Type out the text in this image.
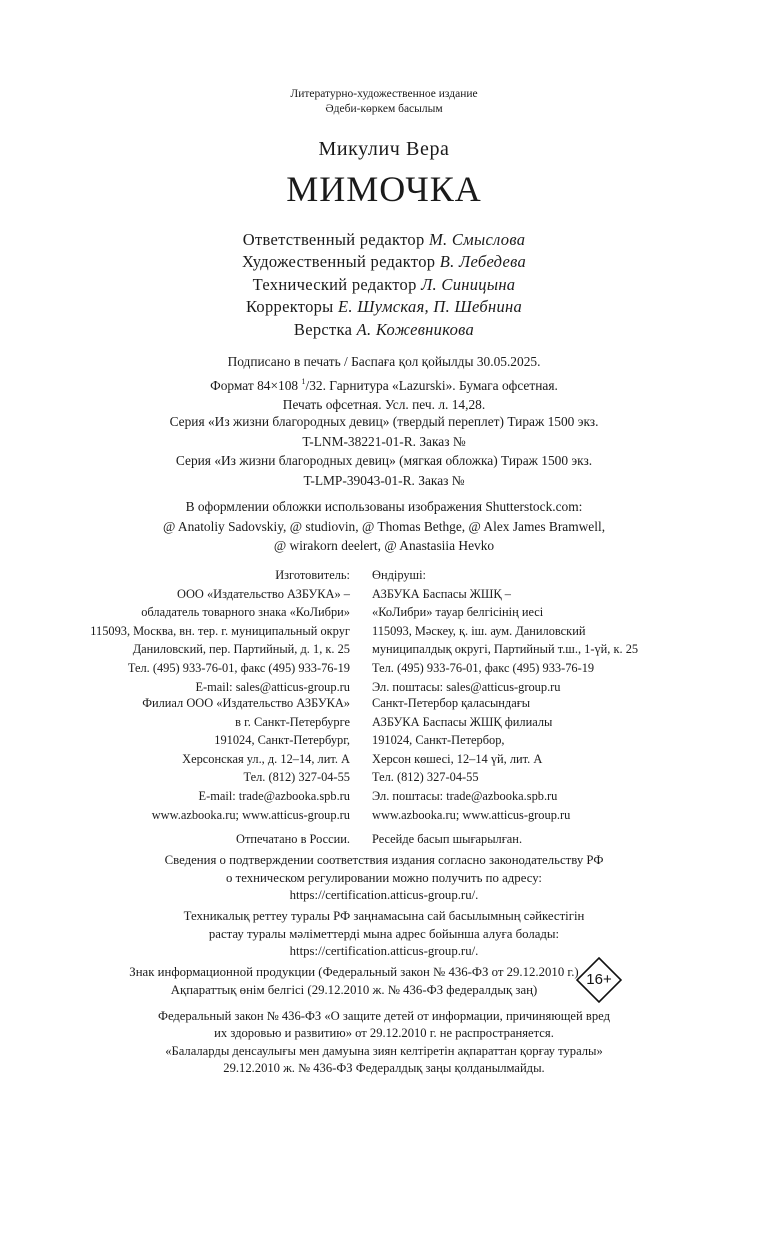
Литературно-художественное издание
Әдеби-көркем басылым
Микулич Вера
МИМОЧКА
Ответственный редактор М. Смыслова
Художественный редактор В. Лебедева
Технический редактор Л. Синицына
Корректоры Е. Шумская, П. Шебнина
Верстка А. Кожевникова
Подписано в печать / Баспаға қол қойылды 30.05.2025.
Формат 84×108 $^1$/32. Гарнитура «Lazurski». Бумага офсетная.
Печать офсетная. Усл. печ. л. 14,28.
Серия «Из жизни благородных девиц» (твердый переплет) Тираж 1500 экз.
T-LNM-38221-01-R. Заказ №
Серия «Из жизни благородных девиц» (мягкая обложка) Тираж 1500 экз.
T-LMP-39043-01-R. Заказ №
В оформлении обложки использованы изображения Shutterstock.com:
@ Anatoliy Sadovskiy, @ studiovin, @ Thomas Bethge, @ Alex James Bramwell,
@ wirakorn deelert, @ Anastasiia Hevko
Изготовитель:
ООО «Издательство АЗБУКА» –
обладатель товарного знака «КоЛибри»
115093, Москва, вн. тер. г. муниципальный округ
Даниловский, пер. Партийный, д. 1, к. 25
Тел. (495) 933-76-01, факс (495) 933-76-19
E-mail: sales@atticus-group.ru
Өндіруші:
АЗБУКА Баспасы ЖШҚ –
«КоЛибри» тауар белгісінің иесі
115093, Мәскеу, қ. іш. аум. Даниловский
муниципалдық округі, Партийный т.ш., 1-үй, к. 25
Тел. (495) 933-76-01, факс (495) 933-76-19
Эл. поштасы: sales@atticus-group.ru
Филиал ООО «Издательство АЗБУКА»
в г. Санкт-Петербурге
191024, Санкт-Петербург,
Херсонская ул., д. 12–14, лит. А
Тел. (812) 327-04-55
E-mail: trade@azbooka.spb.ru
Санкт-Петербор қаласындағы
АЗБУКА Баспасы ЖШҚ филиалы
191024, Санкт-Петербор,
Херсон көшесі, 12–14 үй, лит. А
Тел. (812) 327-04-55
Эл. поштасы: trade@azbooka.spb.ru
www.azbooka.ru; www.atticus-group.ru www.azbooka.ru; www.atticus-group.ru
Отпечатано в России. Ресейде басып шығарылған.
Сведения о подтверждении соответствия издания согласно законодательству РФ
о техническом регулировании можно получить по адресу:
https://certification.atticus-group.ru/.
Техникалық реттеу туралы РФ заңнамасына сай басылымның сәйкестігін
растау туралы мәліметтерді мына адрес бойынша алуға болады:
https://certification.atticus-group.ru/.
Знак информационной продукции (Федеральный закон № 436-ФЗ от 29.12.2010 г.)
Ақпараттық өнім белгісі (29.12.2010 ж. № 436-ФЗ федералдық заң)
16+
Федеральный закон № 436-ФЗ «О защите детей от информации, причиняющей вред
их здоровью и развитию» от 29.12.2010 г. не распространяется.
«Балаларды денсаулығы мен дамуына зиян келтіретін ақпараттан қорғау туралы»
29.12.2010 ж. № 436-ФЗ Федералдық заңы қолданылмайды.
